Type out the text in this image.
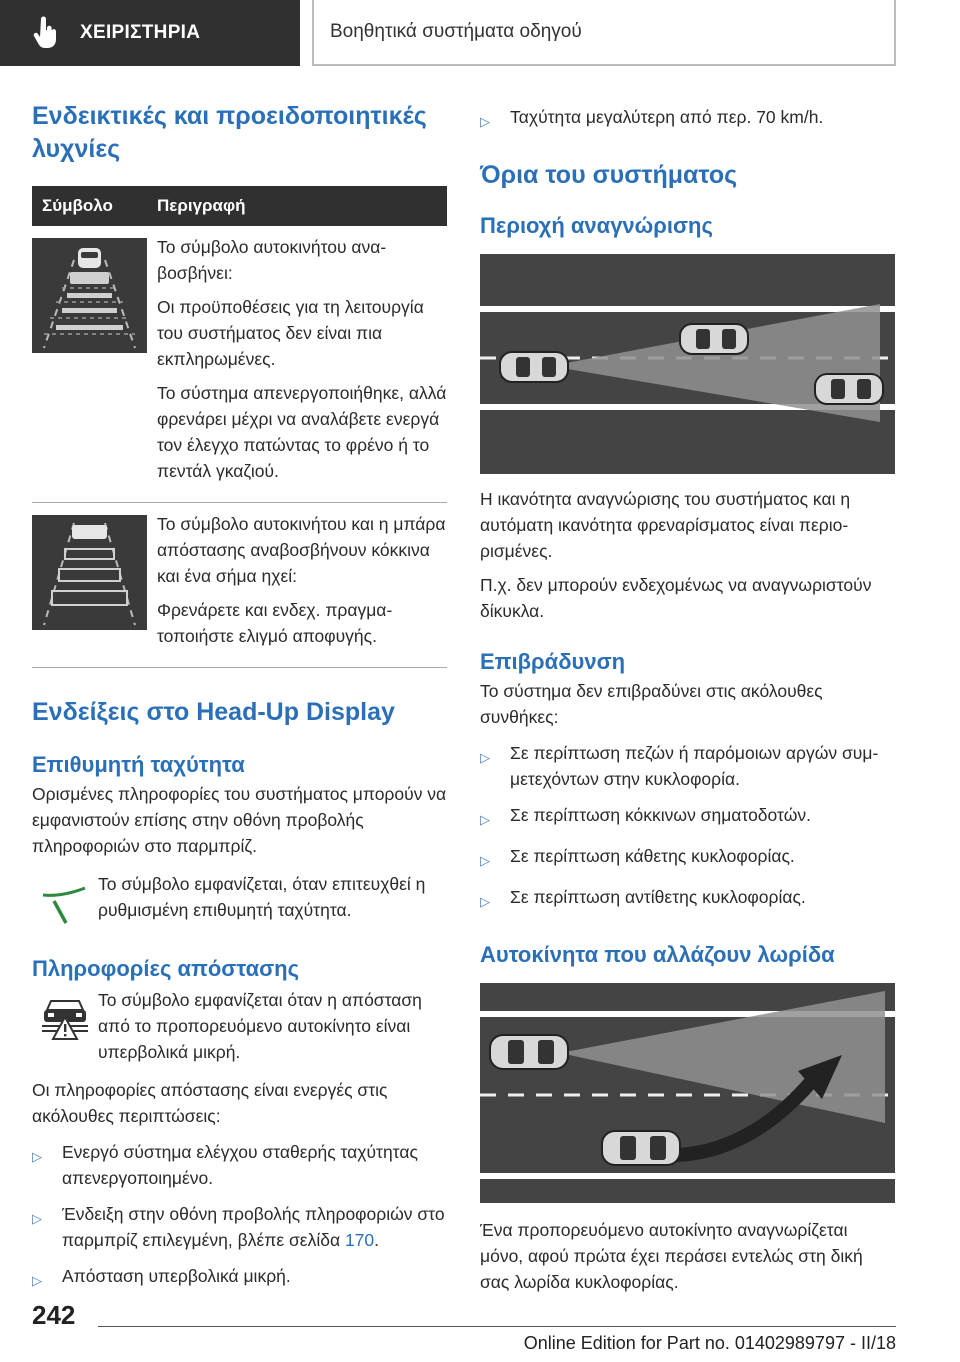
ΧΕΙΡΙΣΤΗΡΙΑ	Βοηθητικά συστήματα οδηγού
Ενδεικτικές και προειδοποιητικές λυχνίες
Σύμβολο	Περιγραφή

Το σύμβολο αυτοκινήτου αναβοσβήνει:

Οι προϋποθέσεις για τη λειτουργία του συστήματος δεν είναι πια εκπληρωμένες.

Το σύστημα απενεργοποιήθηκε, αλλά φρενάρει μέχρι να αναλάβετε ενεργά τον έλεγχο πατώντας το φρένο ή το πεντάλ γκαζιού.

Το σύμβολο αυτοκινήτου και η μπάρα απόστασης αναβοσβήνουν κόκκινα και ένα σήμα ηχεί:

Φρενάρετε και ενδεχ. πραγματοποιήστε ελιγμό αποφυγής.

Ενδείξεις στο Head-Up Display
Επιθυμητή ταχύτητα
Ορισμένες πληροφορίες του συστήματος μπορούν να εμφανιστούν επίσης στην οθόνη προβολής πληροφοριών στο παρμπρίζ.
Το σύμβολο εμφανίζεται, όταν επιτευχθεί η ρυθμισμένη επιθυμητή ταχύτητα.
Πληροφορίες απόστασης
Το σύμβολο εμφανίζεται όταν η απόσταση από το προπορευόμενο αυτοκίνητο είναι υπερβολικά μικρή.
Οι πληροφορίες απόστασης είναι ενεργές στις ακόλουθες περιπτώσεις:
▷	Ενεργό σύστημα ελέγχου σταθερής ταχύτητας απενεργοποιημένο.
▷	Ένδειξη στην οθόνη προβολής πληροφοριών στο παρμπρίζ επιλεγμένη, βλέπε σελίδα 170.
▷	Απόσταση υπερβολικά μικρή.
▷	Ταχύτητα μεγαλύτερη από περ. 70 km/h.
Όρια του συστήματος
Περιοχή αναγνώρισης
Η ικανότητα αναγνώρισης του συστήματος και η αυτόματη ικανότητα φρεναρίσματος είναι περιορισμένες.
Π.χ. δεν μπορούν ενδεχομένως να αναγνωριστούν δίκυκλα.
Επιβράδυνση
Το σύστημα δεν επιβραδύνει στις ακόλουθες συνθήκες:
▷	Σε περίπτωση πεζών ή παρόμοιων αργών συμμετεχόντων στην κυκλοφορία.
▷	Σε περίπτωση κόκκινων σηματοδοτών.
▷	Σε περίπτωση κάθετης κυκλοφορίας.
▷	Σε περίπτωση αντίθετης κυκλοφορίας.
Αυτοκίνητα που αλλάζουν λωρίδα
Ένα προπορευόμενο αυτοκίνητο αναγνωρίζεται μόνο, αφού πρώτα έχει περάσει εντελώς στη δική σας λωρίδα κυκλοφορίας.
242
Online Edition for Part no. 01402989797 - II/18
